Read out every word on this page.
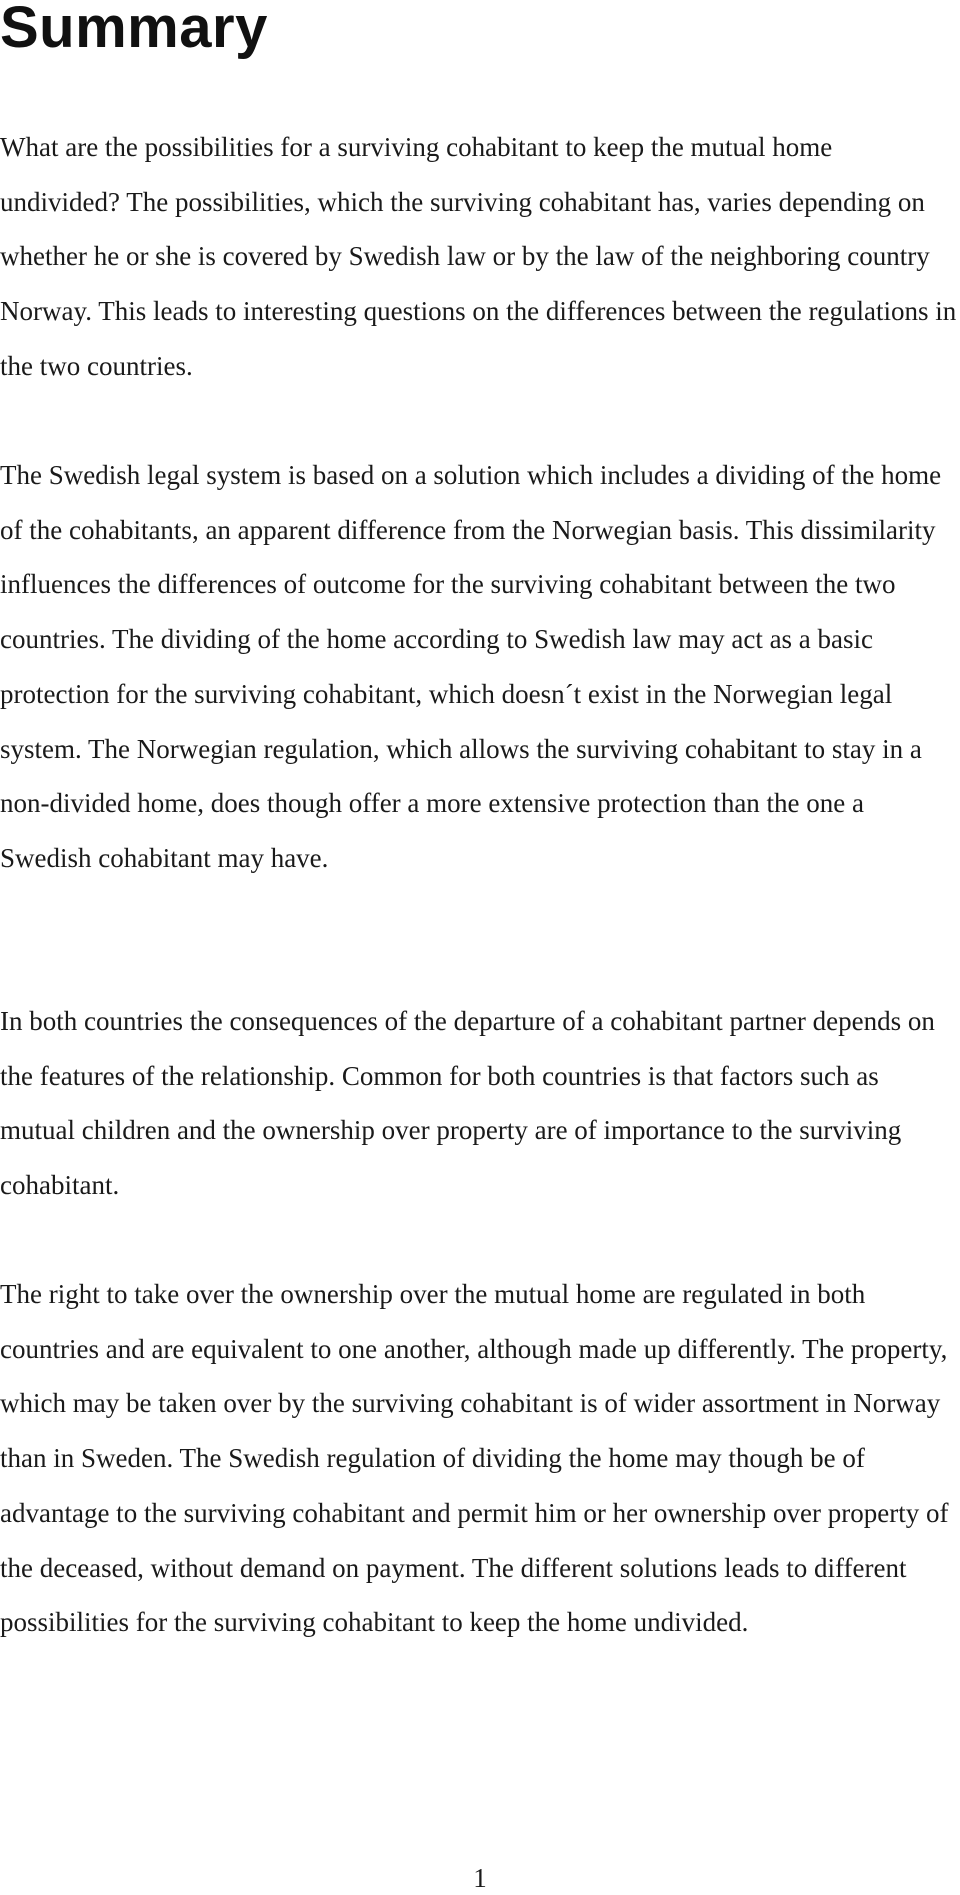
Summary

What are the possibilities for a surviving cohabitant to keep the mutual home undivided? The possibilities, which the surviving cohabitant has, varies depending on whether he or she is covered by Swedish law or by the law of the neighboring country Norway. This leads to interesting questions on the differences between the regulations in the two countries.

The Swedish legal system is based on a solution which includes a dividing of the home of the cohabitants, an apparent difference from the Norwegian basis. This dissimilarity influences the differences of outcome for the surviving cohabitant between the two countries. The dividing of the home according to Swedish law may act as a basic protection for the surviving cohabitant, which doesn´t exist in the Norwegian legal system. The Norwegian regulation, which allows the surviving cohabitant to stay in a non-divided home, does though offer a more extensive protection than the one a Swedish cohabitant may have.

In both countries the consequences of the departure of a cohabitant partner depends on the features of the relationship. Common for both countries is that factors such as mutual children and the ownership over property are of importance to the surviving cohabitant.

The right to take over the ownership over the mutual home are regulated in both countries and are equivalent to one another, although made up differently. The property, which may be taken over by the surviving cohabitant is of wider assortment in Norway than in Sweden. The Swedish regulation of dividing the home may though be of advantage to the surviving cohabitant and permit him or her ownership over property of the deceased, without demand on payment. The different solutions leads to different possibilities for the surviving cohabitant to keep the home undivided.

1
